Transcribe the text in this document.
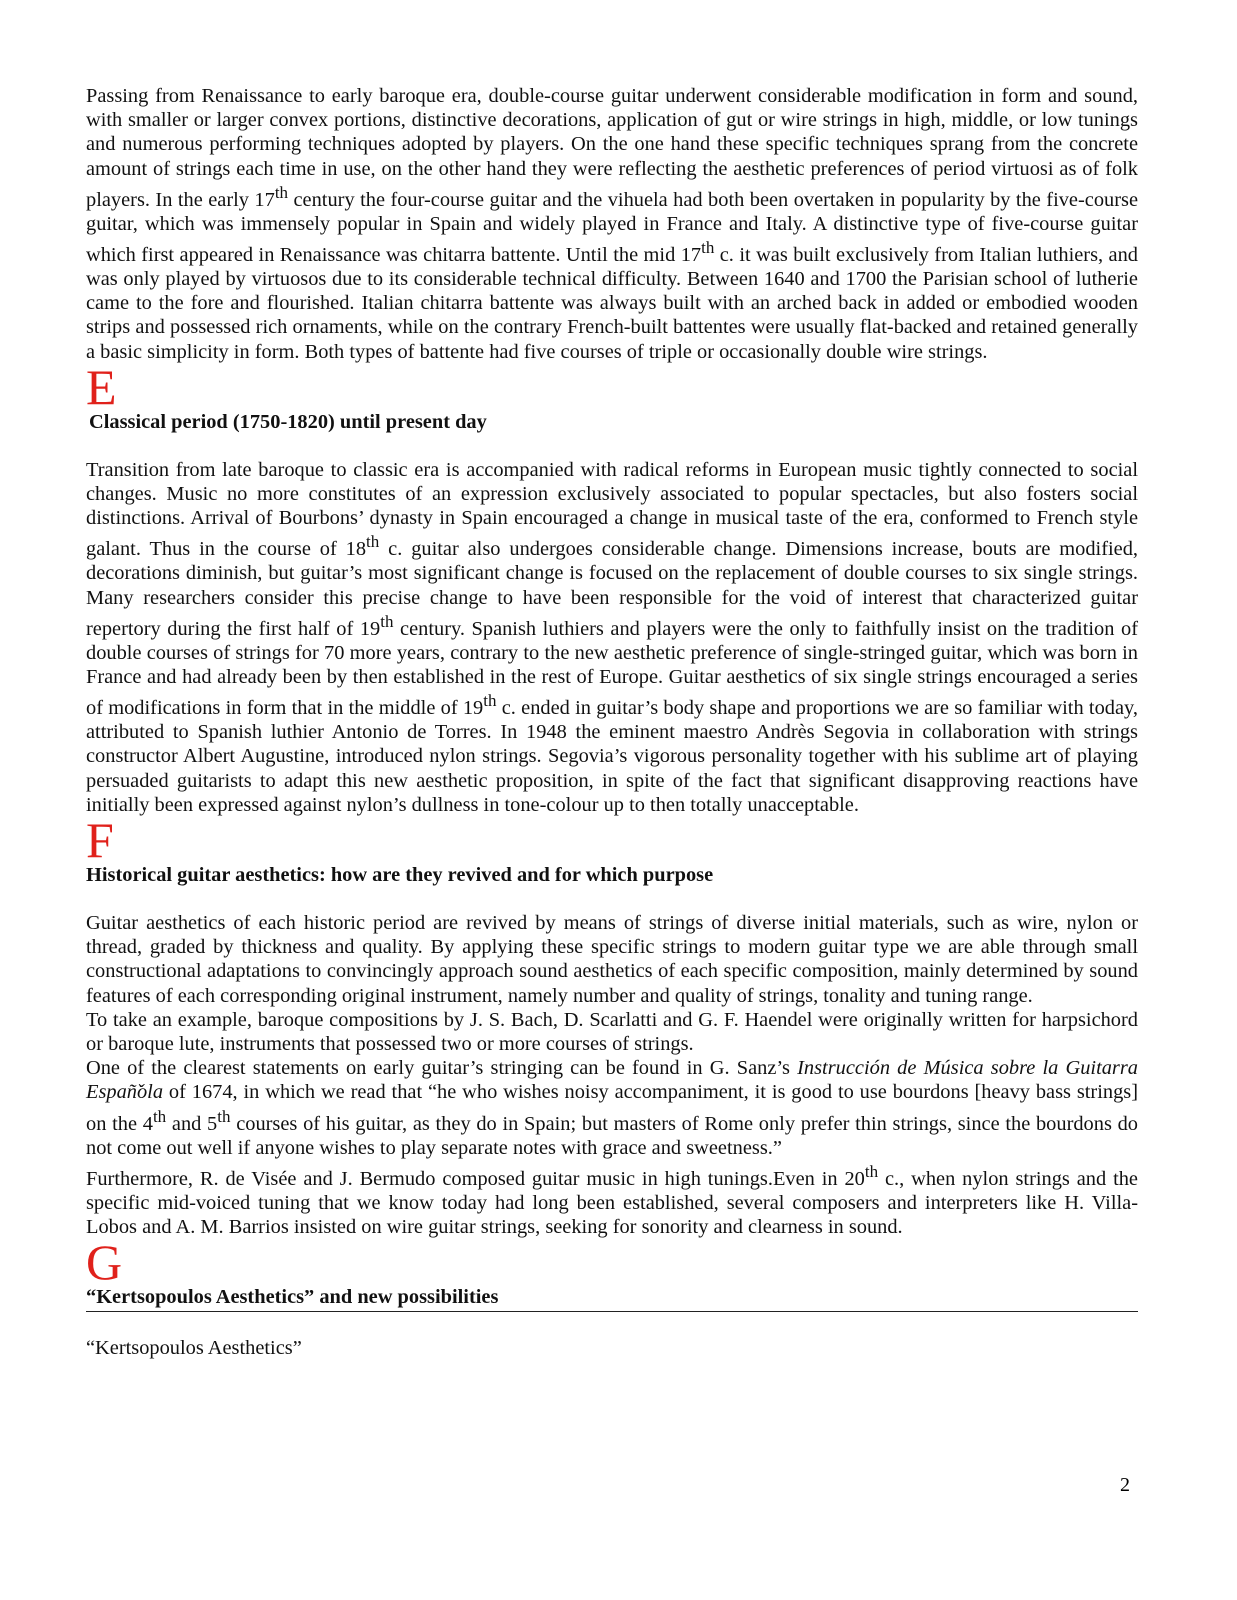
Passing from Renaissance to early baroque era, double-course guitar underwent considerable modification in form and sound, with smaller or larger convex portions, distinctive decorations, application of gut or wire strings in high, middle, or low tunings and numerous performing techniques adopted by players. On the one hand these specific techniques sprang from the concrete amount of strings each time in use, on the other hand they were reflecting the aesthetic preferences of period virtuosi as of folk players. In the early 17th century the four-course guitar and the vihuela had both been overtaken in popularity by the five-course guitar, which was immensely popular in Spain and widely played in France and Italy. A distinctive type of five-course guitar which first appeared in Renaissance was chitarra battente. Until the mid 17th c. it was built exclusively from Italian luthiers, and was only played by virtuosos due to its considerable technical difficulty. Between 1640 and 1700 the Parisian school of lutherie came to the fore and flourished. Italian chitarra battente was always built with an arched back in added or embodied wooden strips and possessed rich ornaments, while on the contrary French-built battentes were usually flat-backed and retained generally a basic simplicity in form. Both types of battente had five courses of triple or occasionally double wire strings.

E
Classical period (1750-1820) until present day

Transition from late baroque to classic era is accompanied with radical reforms in European music tightly connected to social changes. Music no more constitutes of an expression exclusively associated to popular spectacles, but also fosters social distinctions. Arrival of Bourbons’ dynasty in Spain encouraged a change in musical taste of the era, conformed to French style galant. Thus in the course of 18th c. guitar also undergoes considerable change. Dimensions increase, bouts are modified, decorations diminish, but guitar’s most significant change is focused on the replacement of double courses to six single strings. Many researchers consider this precise change to have been responsible for the void of interest that characterized guitar repertory during the first half of 19th century. Spanish luthiers and players were the only to faithfully insist on the tradition of double courses of strings for 70 more years, contrary to the new aesthetic preference of single-stringed guitar, which was born in France and had already been by then established in the rest of Europe. Guitar aesthetics of six single strings encouraged a series of modifications in form that in the middle of 19th c. ended in guitar’s body shape and proportions we are so familiar with today, attributed to Spanish luthier Antonio de Torres. In 1948 the eminent maestro Andrès Segovia in collaboration with strings constructor Albert Augustine, introduced nylon strings. Segovia’s vigorous personality together with his sublime art of playing persuaded guitarists to adapt this new aesthetic proposition, in spite of the fact that significant disapproving reactions have initially been expressed against nylon’s dullness in tone-colour up to then totally unacceptable.

F
Historical guitar aesthetics: how are they revived and for which purpose

Guitar aesthetics of each historic period are revived by means of strings of diverse initial materials, such as wire, nylon or thread, graded by thickness and quality. By applying these specific strings to modern guitar type we are able through small constructional adaptations to convincingly approach sound aesthetics of each specific composition, mainly determined by sound features of each corresponding original instrument, namely number and quality of strings, tonality and tuning range.

To take an example, baroque compositions by J. S. Bach, D. Scarlatti and G. F. Haendel were originally written for harpsichord or baroque lute, instruments that possessed two or more courses of strings.

One of the clearest statements on early guitar’s stringing can be found in G. Sanz’s Instrucción de Música sobre la Guitarra Españ̌ola of 1674, in which we read that “he who wishes noisy accompaniment, it is good to use bourdons [heavy bass strings] on the 4th and 5th courses of his guitar, as they do in Spain; but masters of Rome only prefer thin strings, since the bourdons do not come out well if anyone wishes to play separate notes with grace and sweetness.”

Furthermore, R. de Visée and J. Bermudo composed guitar music in high tunings.Even in 20th c., when nylon strings and the specific mid-voiced tuning that we know today had long been established, several composers and interpreters like H. Villa-Lobos and A. M. Barrios insisted on wire guitar strings, seeking for sonority and clearness in sound.

G
“Kertsopoulos Aesthetics” and new possibilities

“Kertsopoulos Aesthetics”

2
